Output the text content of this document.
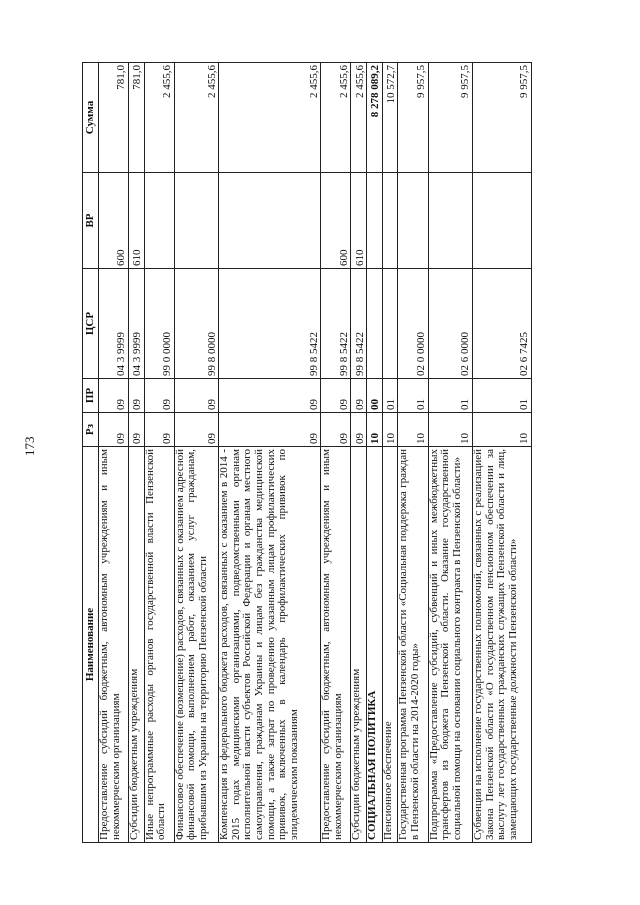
173
Наименование	Рз	ПР	ЦСР	ВР	Сумма
Предоставление субсидий бюджетным, автономным учреждениям и иным некоммерческим организациям	09	09	04 3 9999	600	781,0
Субсидии бюджетным учреждениям	09	09	04 3 9999	610	781,0
Иные непрограммные расходы органов государственной власти Пензенской области	09	09	99 0 0000		2 455,6
Финансовое обеспечение (возмещение) расходов, связанных с оказанием адресной финансовой помощи, выполнением работ, оказанием услуг гражданам, прибывшим из Украины на территорию Пензенской области	09	09	99 8 0000		2 455,6
Компенсация из федерального бюджета расходов, связанных с оказанием в 2014 - 2015 годах медицинскими организациями, подведомственными органам исполнительной власти субъектов Российской Федерации и органам местного самоуправления, гражданам Украины и лицам без гражданства медицинской помощи, а также затрат по проведению указанным лицам профилактических прививок, включенных в календарь профилактических прививок по эпидемическим показаниям	09	09	99 8 5422		2 455,6
Предоставление субсидий бюджетным, автономным учреждениям и иным некоммерческим организациям	09	09	99 8 5422	600	2 455,6
Субсидии бюджетным учреждениям	09	09	99 8 5422	610	2 455,6
СОЦИАЛЬНАЯ ПОЛИТИКА	10	00			8 278 089,2
Пенсионное обеспечение	10	01			10 572,7
Государственная программа Пензенской области «Социальная поддержка граждан в Пензенской области на 2014-2020 годы»	10	01	02 0 0000		9 957,5
Подпрограмма «Предоставление субсидий, субвенций и иных межбюджетных трансфертов из бюджета Пензенской области. Оказание государственной социальной помощи на основании социального контракта в Пензенской области»	10	01	02 6 0000		9 957,5
Субвенции на исполнение государственных полномочий, связанных с реализацией Закона Пензенской области «О государственном пенсионном обеспечении за выслугу лет государственных гражданских служащих Пензенской области и лиц, замещающих государственные должности Пензенской области»	10	01	02 6 7425		9 957,5
